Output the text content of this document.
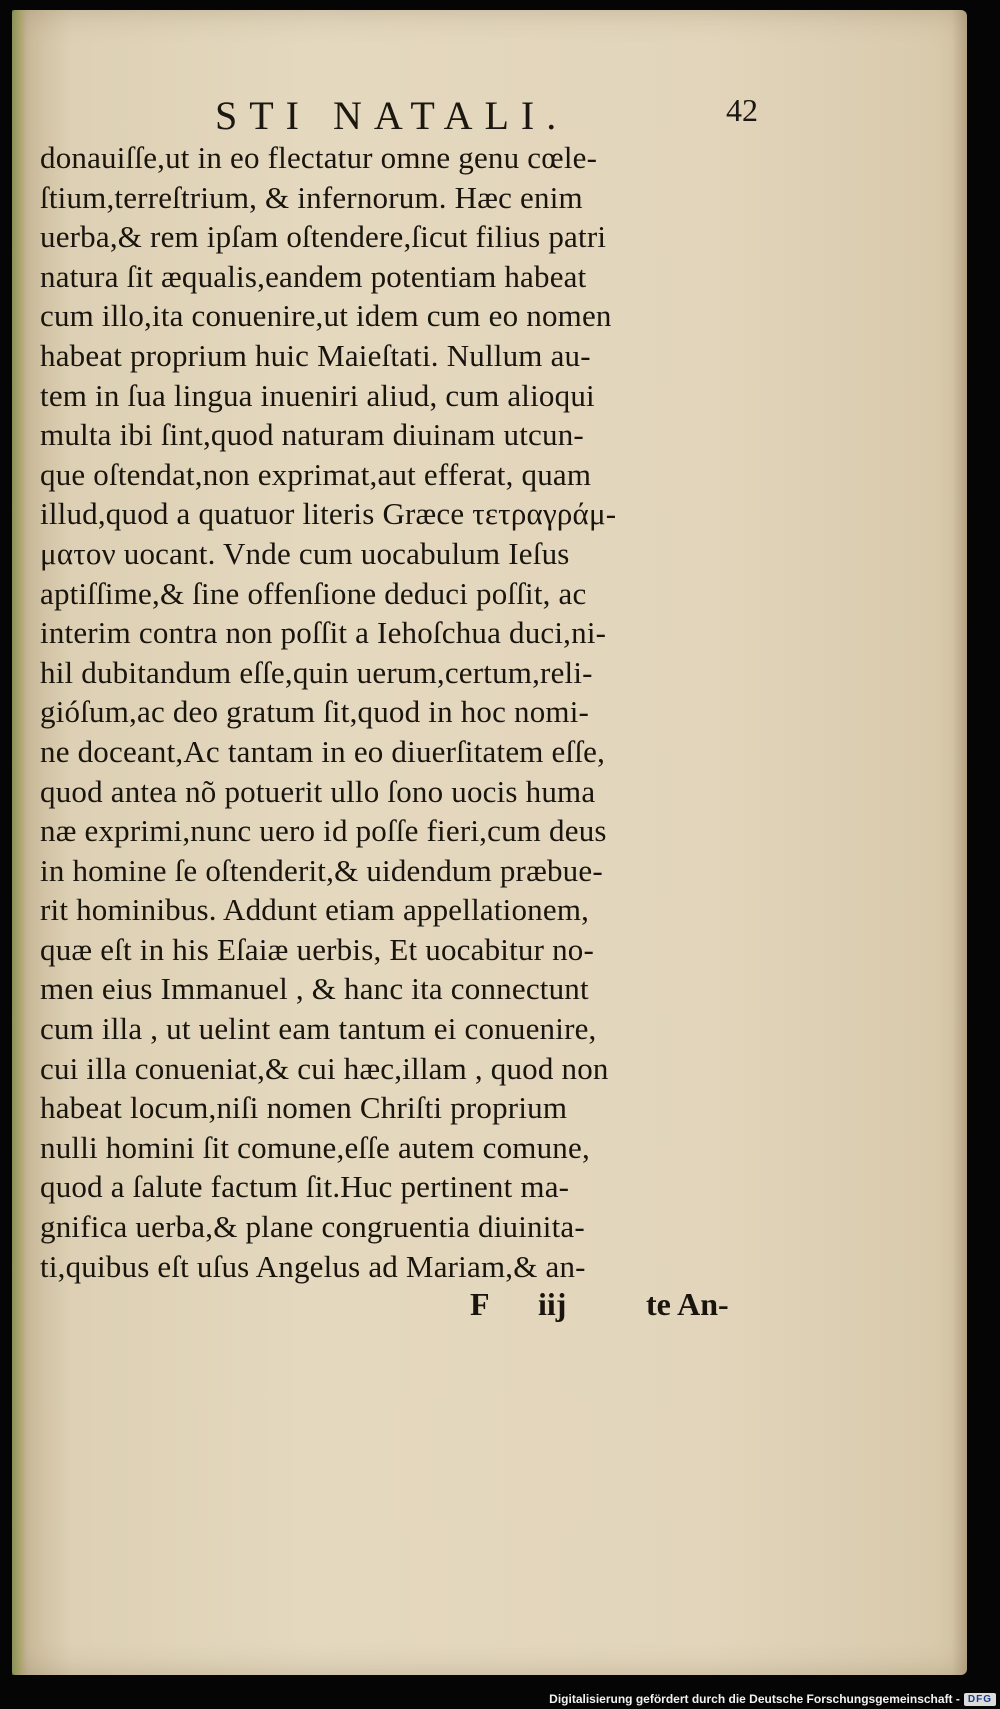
STI NATALI.	42
donauiſſe,ut in eo flectatur omne genu cœle‑
ſtium,terreſtrium, & infernorum. Hæc enim
uerba,& rem ipſam oſtendere,ſicut filius patri
natura ſit æqualis,eandem potentiam habeat
cum illo,ita conuenire,ut idem cum eo nomen
habeat proprium huic Maieſtati. Nullum au‑
tem in ſua lingua inueniri aliud, cum alioqui
multa ibi ſint,quod naturam diuinam utcun‑
que oſtendat,non exprimat,aut efferat, quam
illud,quod a quatuor literis Græce τετραγράμ‑
ματον uocant. Vnde cum uocabulum Ieſus
aptiſſime,& ſine offenſione deduci poſſit, ac
interim contra non poſſit a Iehoſchua duci,ni‑
hil dubitandum eſſe,quin uerum,certum,reli‑
gióſum,ac deo gratum ſit,quod in hoc nomi‑
ne doceant,Ac tantam in eo diuerſitatem eſſe,
quod antea nõ potuerit ullo ſono uocis huma
næ exprimi,nunc uero id poſſe fieri,cum deus
in homine ſe oſtenderit,& uidendum præbue‑
rit hominibus. Addunt etiam appellationem,
quæ eſt in his Eſaiæ uerbis, Et uocabitur no‑
men eius Immanuel , & hanc ita connectunt
cum illa , ut uelint eam tantum ei conuenire,
cui illa conueniat,& cui hæc,illam , quod non
habeat locum,niſi nomen Chriſti proprium
nulli homini ſit comune,eſſe autem comune,
quod a ſalute factum ſit.Huc pertinent ma‑
gnifica uerba,& plane congruentia diuinita‑
ti,quibus eſt uſus Angelus ad Mariam,& an‑
F iij te An‑
Digitalisierung gefördert durch die Deutsche Forschungsgemeinschaft - DFG
